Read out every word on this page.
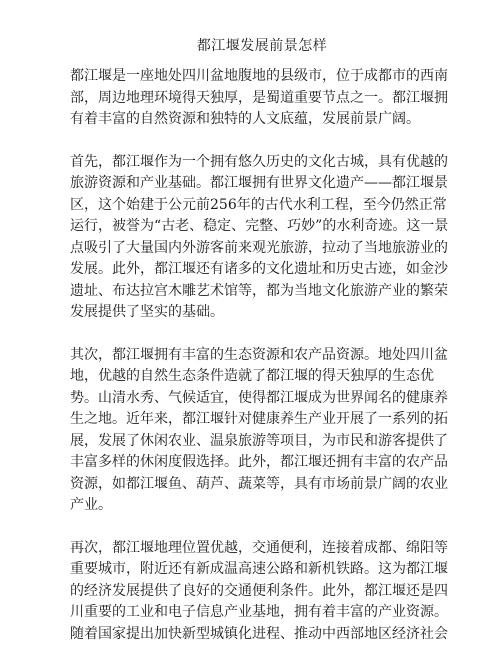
都江堰发展前景怎样
都江堰是一座地处四川盆地腹地的县级市，位于成都市的西南部，周边地理环境得天独厚，是蜀道重要节点之一。都江堰拥有着丰富的自然资源和独特的人文底蕴，发展前景广阔。
首先，都江堰作为一个拥有悠久历史的文化古城，具有优越的旅游资源和产业基础。都江堰拥有世界文化遗产——都江堰景区，这个始建于公元前256年的古代水利工程，至今仍然正常运行，被誉为“古老、稳定、完整、巧妙”的水利奇迹。这一景点吸引了大量国内外游客前来观光旅游，拉动了当地旅游业的发展。此外，都江堰还有诸多的文化遗址和历史古迹，如金沙遗址、布达拉宫木雕艺术馆等，都为当地文化旅游产业的繁荣发展提供了坚实的基础。
其次，都江堰拥有丰富的生态资源和农产品资源。地处四川盆地，优越的自然生态条件造就了都江堰的得天独厚的生态优势。山清水秀、气候适宜，使得都江堰成为世界闻名的健康养生之地。近年来，都江堰针对健康养生产业开展了一系列的拓展，发展了休闲农业、温泉旅游等项目，为市民和游客提供了丰富多样的休闲度假选择。此外，都江堰还拥有丰富的农产品资源，如都江堰鱼、葫芦、蔬菜等，具有市场前景广阔的农业产业。
再次，都江堰地理位置优越，交通便利，连接着成都、绵阳等重要城市，附近还有新成温高速公路和新机铁路。这为都江堰的经济发展提供了良好的交通便利条件。此外，都江堰还是四川重要的工业和电子信息产业基地，拥有着丰富的产业资源。随着国家提出加快新型城镇化进程、推动中西部地区经济社会
